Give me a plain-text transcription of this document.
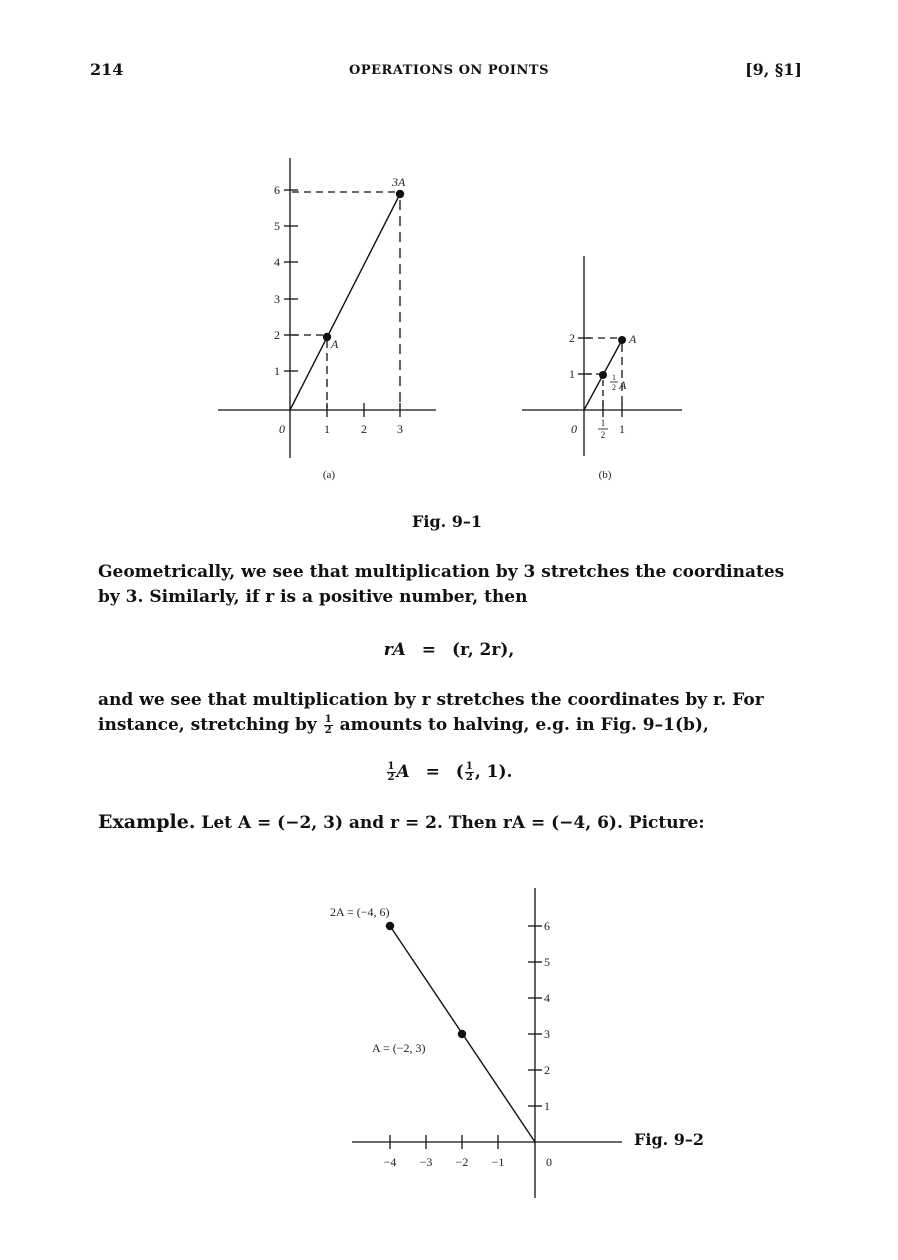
214	OPERATIONS ON POINTS	[9, §1]
1
2
3
4
5
6
1	2	3
0
A
3A
(a)
1
2
0	1
2 1
A
1
2 A
(b)
Fig. 9–1

Geometrically, we see that multiplication by 3 stretches the coordinates by 3. Similarly, if r is a positive number, then

rA = (r, 2r),

and we see that multiplication by r stretches the coordinates by r. For instance, stretching by $\frac{1}{2}$ amounts to halving, e.g. in Fig. 9–1(b),

$\frac{1}{2}$ A = ( $\frac{1}{2}$ , 1).

Example. Let A = (−2, 3) and r = 2. Then rA = (−4, 6). Picture:

1
2
3
4
5
6
−4 −3 −2 −1	0
2A = (−4, 6)
A = (−2, 3)
Fig. 9–2
